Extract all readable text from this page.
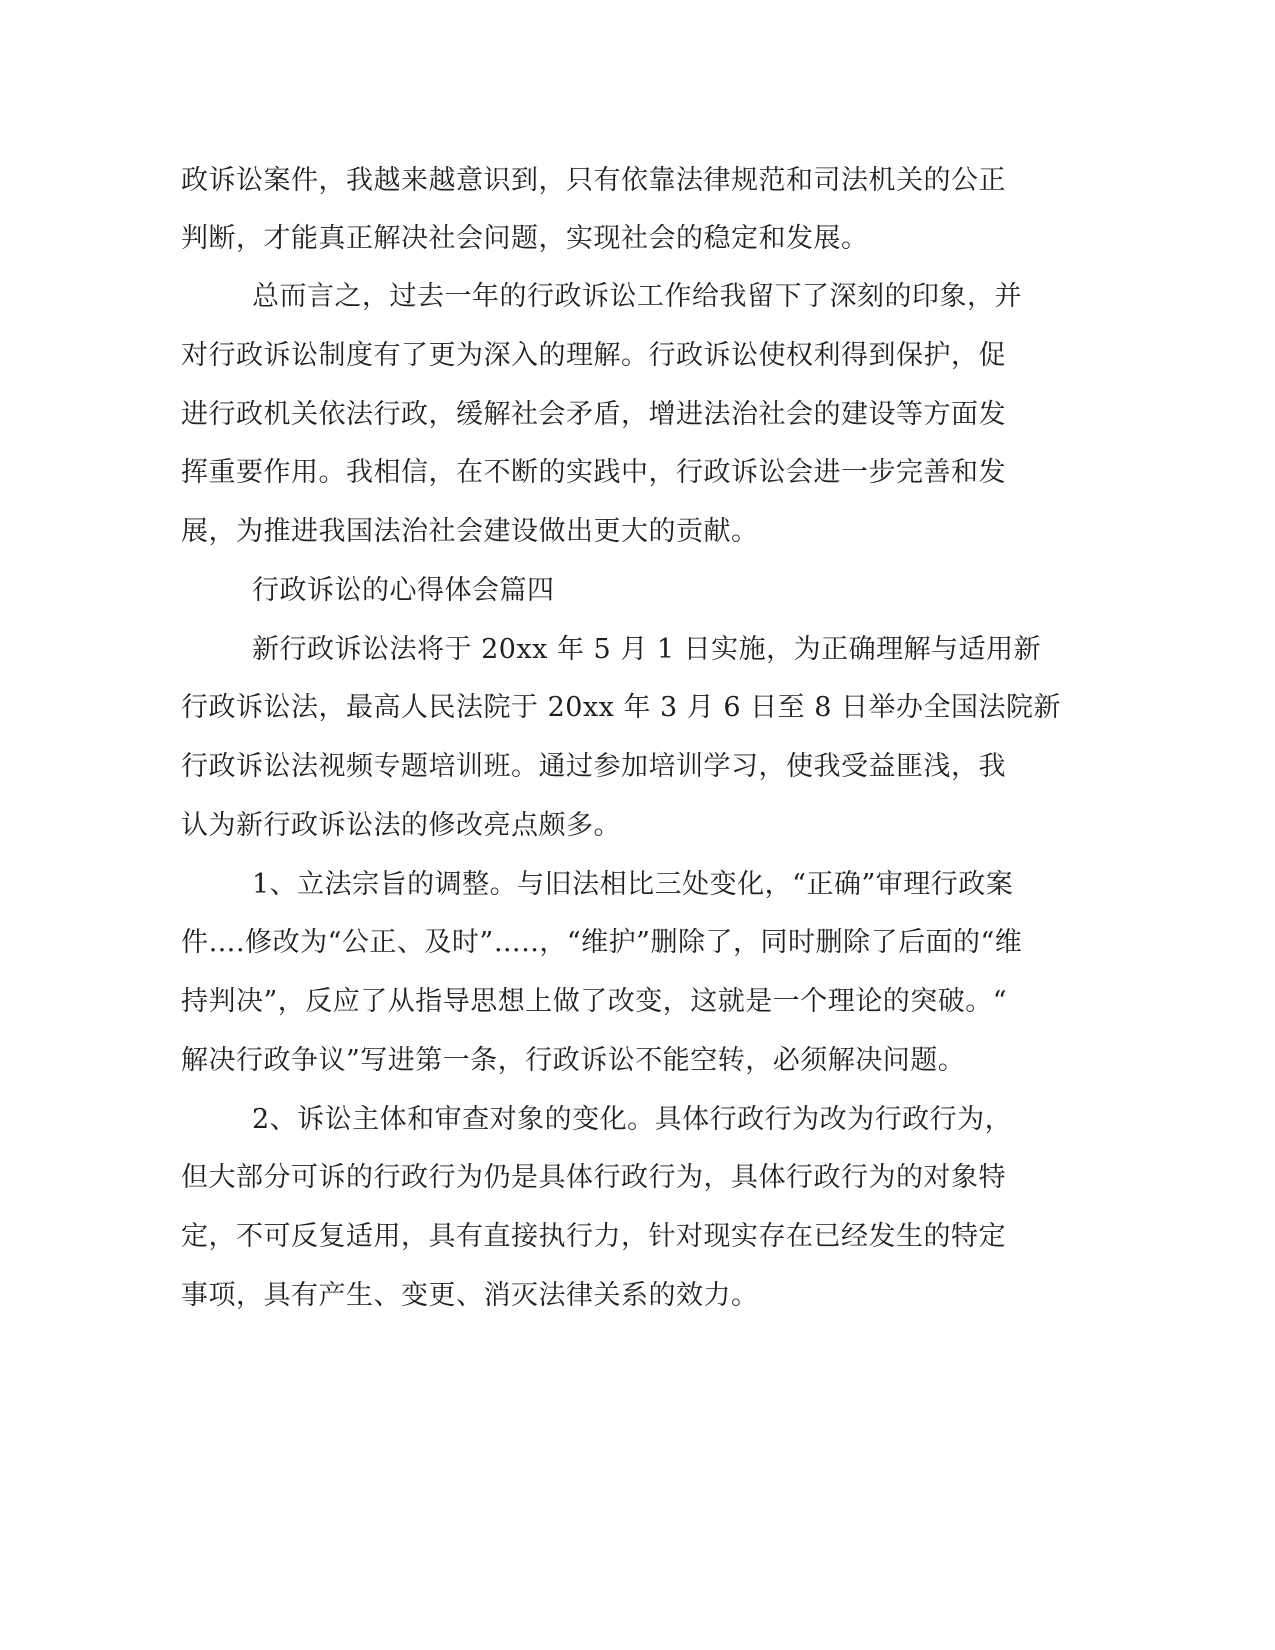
政诉讼案件，我越来越意识到，只有依靠法律规范和司法机关的公正
判断，才能真正解决社会问题，实现社会的稳定和发展。
总而言之，过去一年的行政诉讼工作给我留下了深刻的印象，并
对行政诉讼制度有了更为深入的理解。行政诉讼使权利得到保护，促
进行政机关依法行政，缓解社会矛盾，增进法治社会的建设等方面发
挥重要作用。我相信，在不断的实践中，行政诉讼会进一步完善和发
展，为推进我国法治社会建设做出更大的贡献。
行政诉讼的心得体会篇四
新行政诉讼法将于 20xx 年 5 月 1 日实施，为正确理解与适用新
行政诉讼法，最高人民法院于 20xx 年 3 月 6 日至 8 日举办全国法院新
行政诉讼法视频专题培训班。通过参加培训学习，使我受益匪浅，我
认为新行政诉讼法的修改亮点颇多。
1、立法宗旨的调整。与旧法相比三处变化，“正确”审理行政案
件….修改为“公正、及时”…..，“维护”删除了，同时删除了后面的“维
持判决”，反应了从指导思想上做了改变，这就是一个理论的突破。“
解决行政争议”写进第一条，行政诉讼不能空转，必须解决问题。
2、诉讼主体和审查对象的变化。具体行政行为改为行政行为，
但大部分可诉的行政行为仍是具体行政行为，具体行政行为的对象特
定，不可反复适用，具有直接执行力，针对现实存在已经发生的特定
事项，具有产生、变更、消灭法律关系的效力。
